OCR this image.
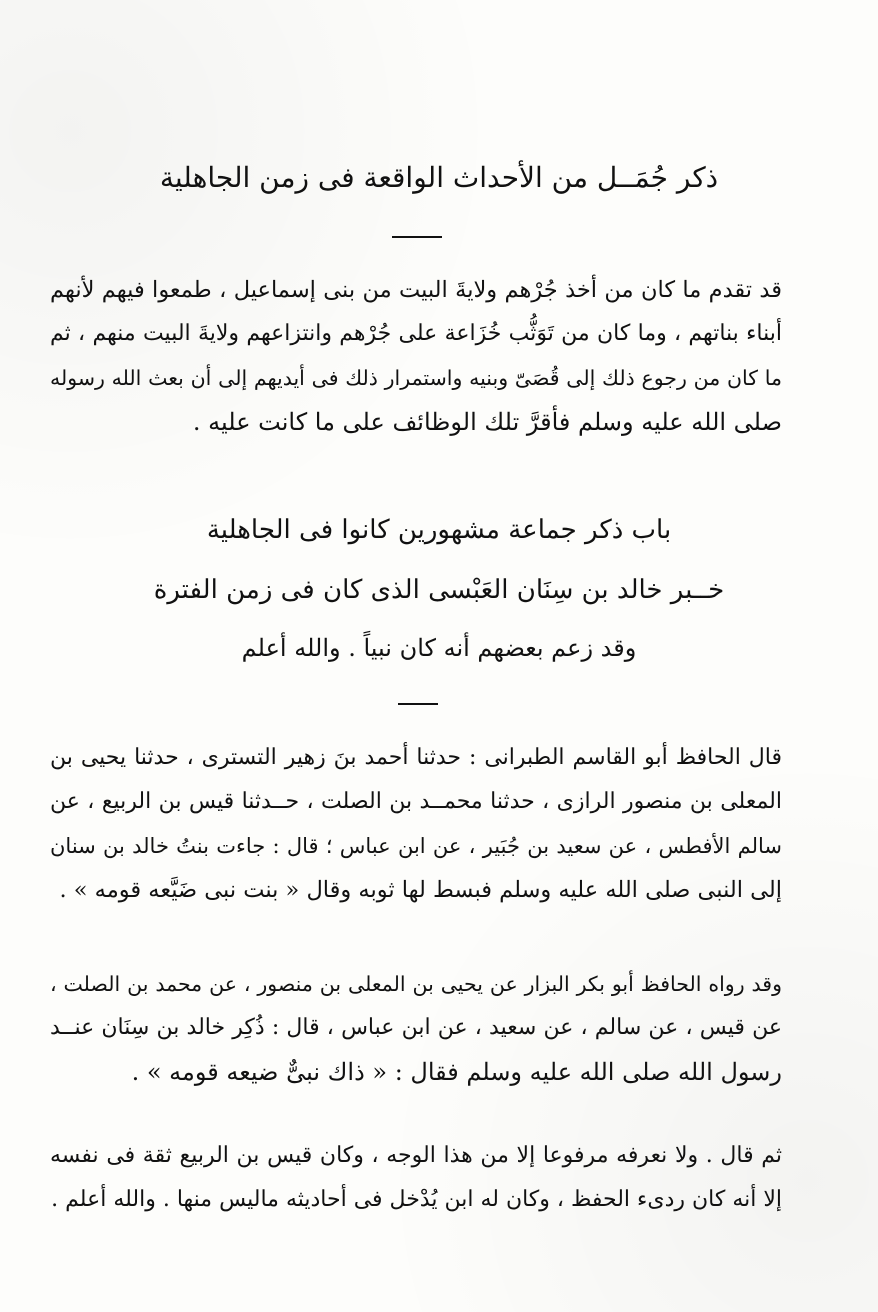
ذكر جُمَــل من الأحداث الواقعة فى زمن الجاهلية
قد تقدم ما كان من أخذ جُرْهم ولايةَ البيت من بنى إسماعيل ، طمعوا فيهم لأنهم
أبناء بناتهم ، وما كان من تَوَثُّب خُزَاعة على جُرْهم وانتزاعهم ولايةَ البيت منهم ، ثم
ما كان من رجوع ذلك إلى قُصَىّ وبنيه واستمرار ذلك فى أيديهم إلى أن بعث الله رسوله
صلى الله عليه وسلم فأقرَّ تلك الوظائف على ما كانت عليه .
باب ذكر جماعة مشهورين كانوا فى الجاهلية
خــبر خالد بن سِنَان العَبْسى الذى كان فى زمن الفترة
وقد زعم بعضهم أنه كان نبياً . والله أعلم
قال الحافظ أبو القاسم الطبرانى : حدثنا أحمد بنَ زهير التسترى ، حدثنا يحيى بن
المعلى بن منصور الرازى ، حدثنا محمــد بن الصلت ، حــدثنا قيس بن الربيع ، عن
سالم الأفطس ، عن سعيد بن جُبَير ، عن ابن عباس ؛ قال : جاءت بنتُ خالد بن سنان
إلى النبى صلى الله عليه وسلم فبسط لها ثوبه وقال « بنت نبى ضَيَّعه قومه » .
وقد رواه الحافظ أبو بكر البزار عن يحيى بن المعلى بن منصور ، عن محمد بن الصلت ،
عن قيس ، عن سالم ، عن سعيد ، عن ابن عباس ، قال : ذُكِر خالد بن سِنَان عنــد
رسول الله صلى الله عليه وسلم فقال : « ذاك نبىٌّ ضيعه قومه » .
ثم قال . ولا نعرفه مرفوعا إلا من هذا الوجه ، وكان قيس بن الربيع ثقة فى نفسه
إلا أنه كان ردىء الحفظ ، وكان له ابن يُدْخل فى أحاديثه ماليس منها . والله أعلم .
